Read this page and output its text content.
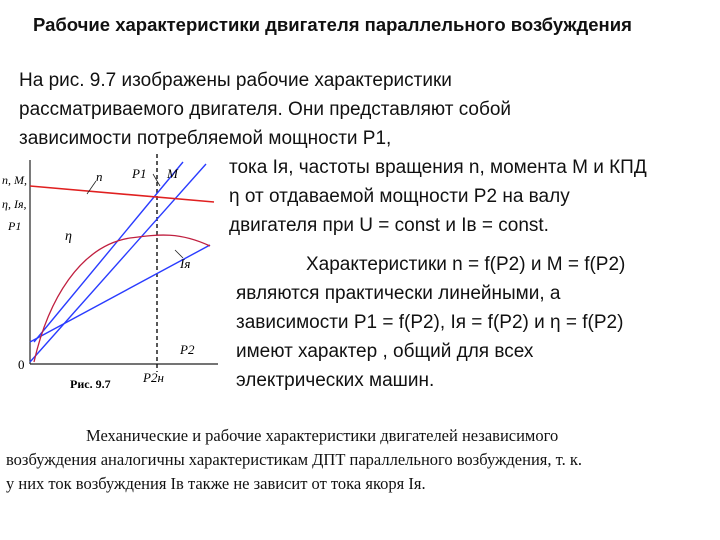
Рабочие характеристики двигателя параллельного возбуждения
На рис. 9.7 изображены рабочие характеристики
рассматриваемого двигателя. Они представляют собой
зависимости потребляемой мощности Р1,
тока Iя, частоты вращения n, момента М и КПД
η от отдаваемой мощности Р2 на валу
двигателя при U = const и Iв = const.
Характеристики n = f(P2) и M = f(P2)
являются практически линейными, а
зависимости Р1 = f(P2), Iя = f(P2) и η = f(P2)
имеют характер , общий для всех
электрических машин.
n P1 M
η
Iя
n, M,
η, Iя,
P1
0
P2
P2н
Рис. 9.7
Механические и рабочие характеристики двигателей независимого
возбуждения аналогичны характеристикам ДПТ параллельного возбуждения, т. к.
у них ток возбуждения Iв также не зависит от тока якоря Iя.
